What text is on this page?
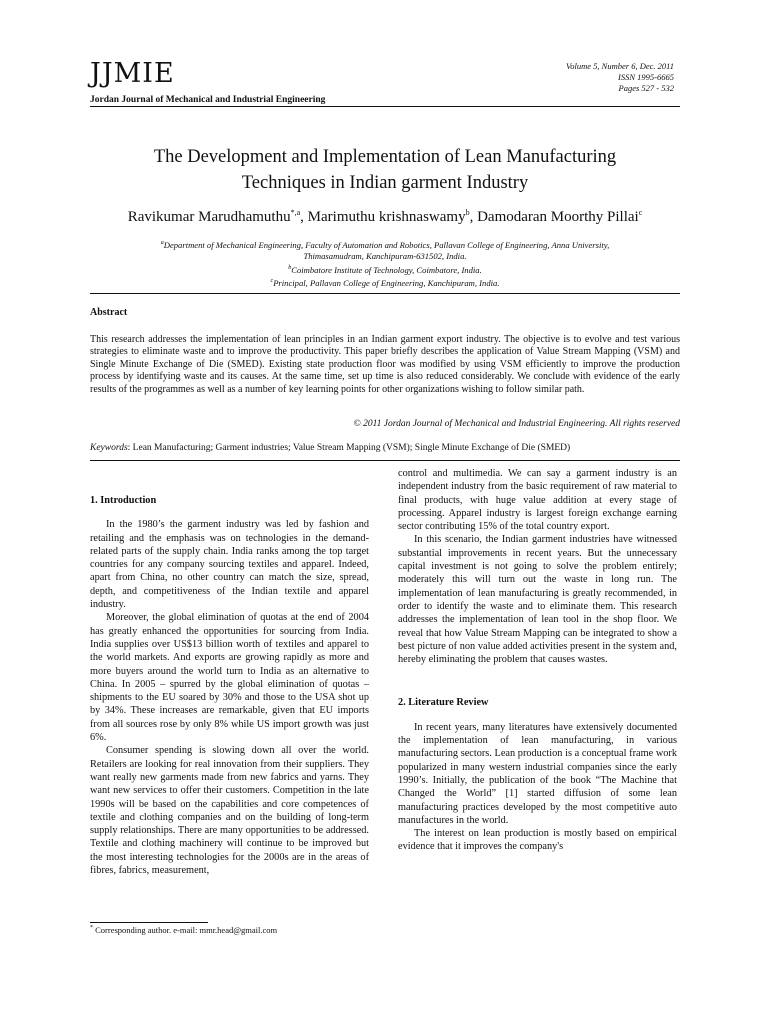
JJMIE	Volume 5, Number 6, Dec. 2011
ISSN 1995-6665
Pages 527 - 532
Jordan Journal of Mechanical and Industrial Engineering
The Development and Implementation of Lean Manufacturing
Techniques in Indian garment Industry
Ravikumar Marudhamuthu$^{*,a}$, Marimuthu krishnaswamy$^b$, Damodaran Moorthy Pillai$^c$
$^a$Department of Mechanical Engineering, Faculty of Automation and Robotics, Pallavan College of Engineering, Anna University,
Thimasamudram, Kanchipuram-631502, India.
$^b$Coimbatore Institute of Technology, Coimbatore, India.
$^c$Principal, Pallavan College of Engineering, Kanchipuram, India.
Abstract
This research addresses the implementation of lean principles in an Indian garment export industry. The objective is to evolve and test various strategies to eliminate waste and to improve the productivity. This paper briefly describes the application of Value Stream Mapping (VSM) and Single Minute Exchange of Die (SMED). Existing state production floor was modified by using VSM efficiently to improve the production process by identifying waste and its causes. At the same time, set up time is also reduced considerably. We conclude with evidence of the early results of the programmes as well as a number of key learning points for other organizations wishing to follow similar path.
© 2011 Jordan Journal of Mechanical and Industrial Engineering. All rights reserved
Keywords: Lean Manufacturing; Garment industries; Value Stream Mapping (VSM); Single Minute Exchange of Die (SMED)
1. Introduction

In the 1980’s the garment industry was led by fashion and retailing and the emphasis was on technologies in the demand-related parts of the supply chain. India ranks among the top target countries for any company sourcing textiles and apparel. Indeed, apart from China, no other country can match the size, spread, depth, and competitiveness of the Indian textile and apparel industry.

Moreover, the global elimination of quotas at the end of 2004 has greatly enhanced the opportunities for sourcing from India. India supplies over US$13 billion worth of textiles and apparel to the world markets. And exports are growing rapidly as more and more buyers around the world turn to India as an alternative to China. In 2005 – spurred by the global elimination of quotas – shipments to the EU soared by 30% and those to the USA shot up by 34%. These increases are remarkable, given that EU imports from all sources rose by only 8% while US import growth was just 6%.

Consumer spending is slowing down all over the world. Retailers are looking for real innovation from their suppliers. They want really new garments made from new fabrics and yarns. They want new services to offer their customers. Competition in the late 1990s will be based on the capabilities and core competences of textile and clothing companies and on the building of long-term supply relationships. There are many opportunities to be addressed. Textile and clothing machinery will continue to be improved but the most interesting technologies for the 2000s are in the areas of fibres, fabrics, measurement,

control and multimedia. We can say a garment industry is an independent industry from the basic requirement of raw material to final products, with huge value addition at every stage of processing. Apparel industry is largest foreign exchange earning sector contributing 15% of the total country export.

In this scenario, the Indian garment industries have witnessed substantial improvements in recent years. But the unnecessary capital investment is not going to solve the problem entirely; moderately this will turn out the waste in long run. The implementation of lean manufacturing is greatly recommended, in order to identify the waste and to eliminate them. This research addresses the implementation of lean tool in the shop floor. We reveal that how Value Stream Mapping can be integrated to show a best picture of non value added activities present in the system and, hereby eliminating the problem that causes wastes.

2. Literature Review

In recent years, many literatures have extensively documented the implementation of lean manufacturing, in various manufacturing sectors. Lean production is a conceptual frame work popularized in many western industrial companies since the early 1990’s. Initially, the publication of the book “The Machine that Changed the World” [1] started diffusion of some lean manufacturing practices developed by the most competitive auto manufactures in the world.

The interest on lean production is mostly based on empirical evidence that it improves the company's

* Corresponding author. e-mail: mmr.head@gmail.com
